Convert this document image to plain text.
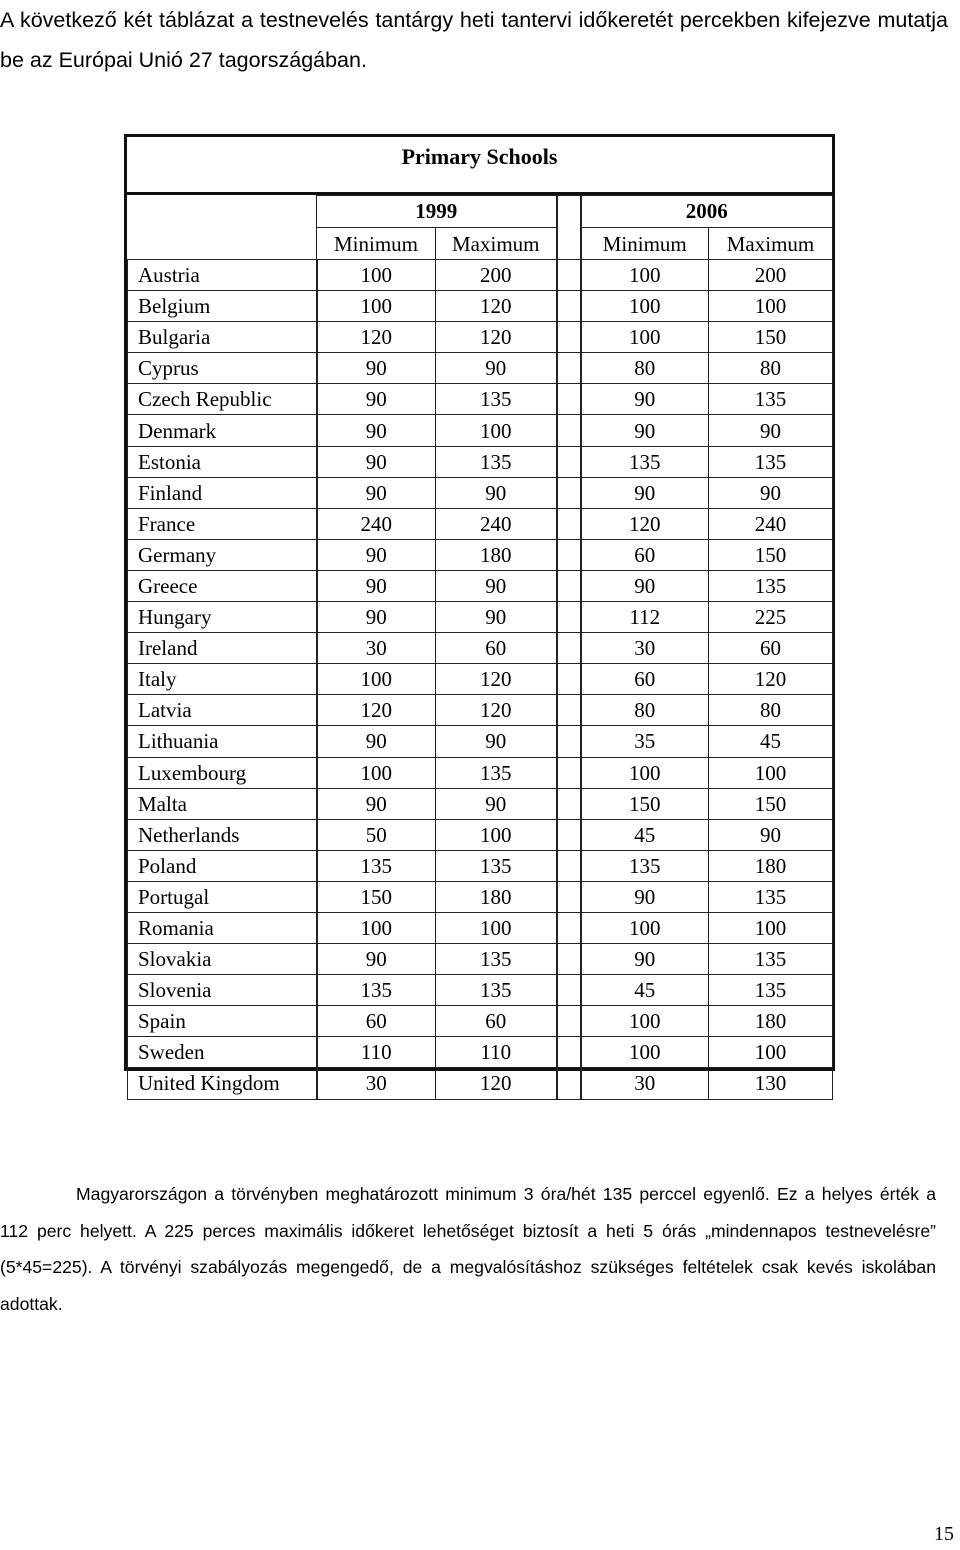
A következő két táblázat a testnevelés tantárgy heti tantervi időkeretét percekben kifejezve mutatja be az Európai Unió 27 tagországában.

Primary Schools
	1999			2006	
	Minimum	Maximum		Minimum	Maximum
Austria	100	200		100	200
Belgium	100	120		100	100
Bulgaria	120	120		100	150
Cyprus	90	90		80	80
Czech Republic	90	135		90	135
Denmark	90	100		90	90
Estonia	90	135		135	135
Finland	90	90		90	90
France	240	240		120	240
Germany	90	180		60	150
Greece	90	90		90	135
Hungary	90	90		112	225
Ireland	30	60		30	60
Italy	100	120		60	120
Latvia	120	120		80	80
Lithuania	90	90		35	45
Luxembourg	100	135		100	100
Malta	90	90		150	150
Netherlands	50	100		45	90
Poland	135	135		135	180
Portugal	150	180		90	135
Romania	100	100		100	100
Slovakia	90	135		90	135
Slovenia	135	135		45	135
Spain	60	60		100	180
Sweden	110	110		100	100
United Kingdom	30	120		30	130

Magyarországon a törvényben meghatározott minimum 3 óra/hét 135 perccel egyenlő. Ez a helyes érték a 112 perc helyett. A 225 perces maximális időkeret lehetőséget biztosít a heti 5 órás „mindennapos testnevelésre” (5*45=225). A törvényi szabályozás megengedő, de a megvalósításhoz szükséges feltételek csak kevés iskolában adottak.

15
